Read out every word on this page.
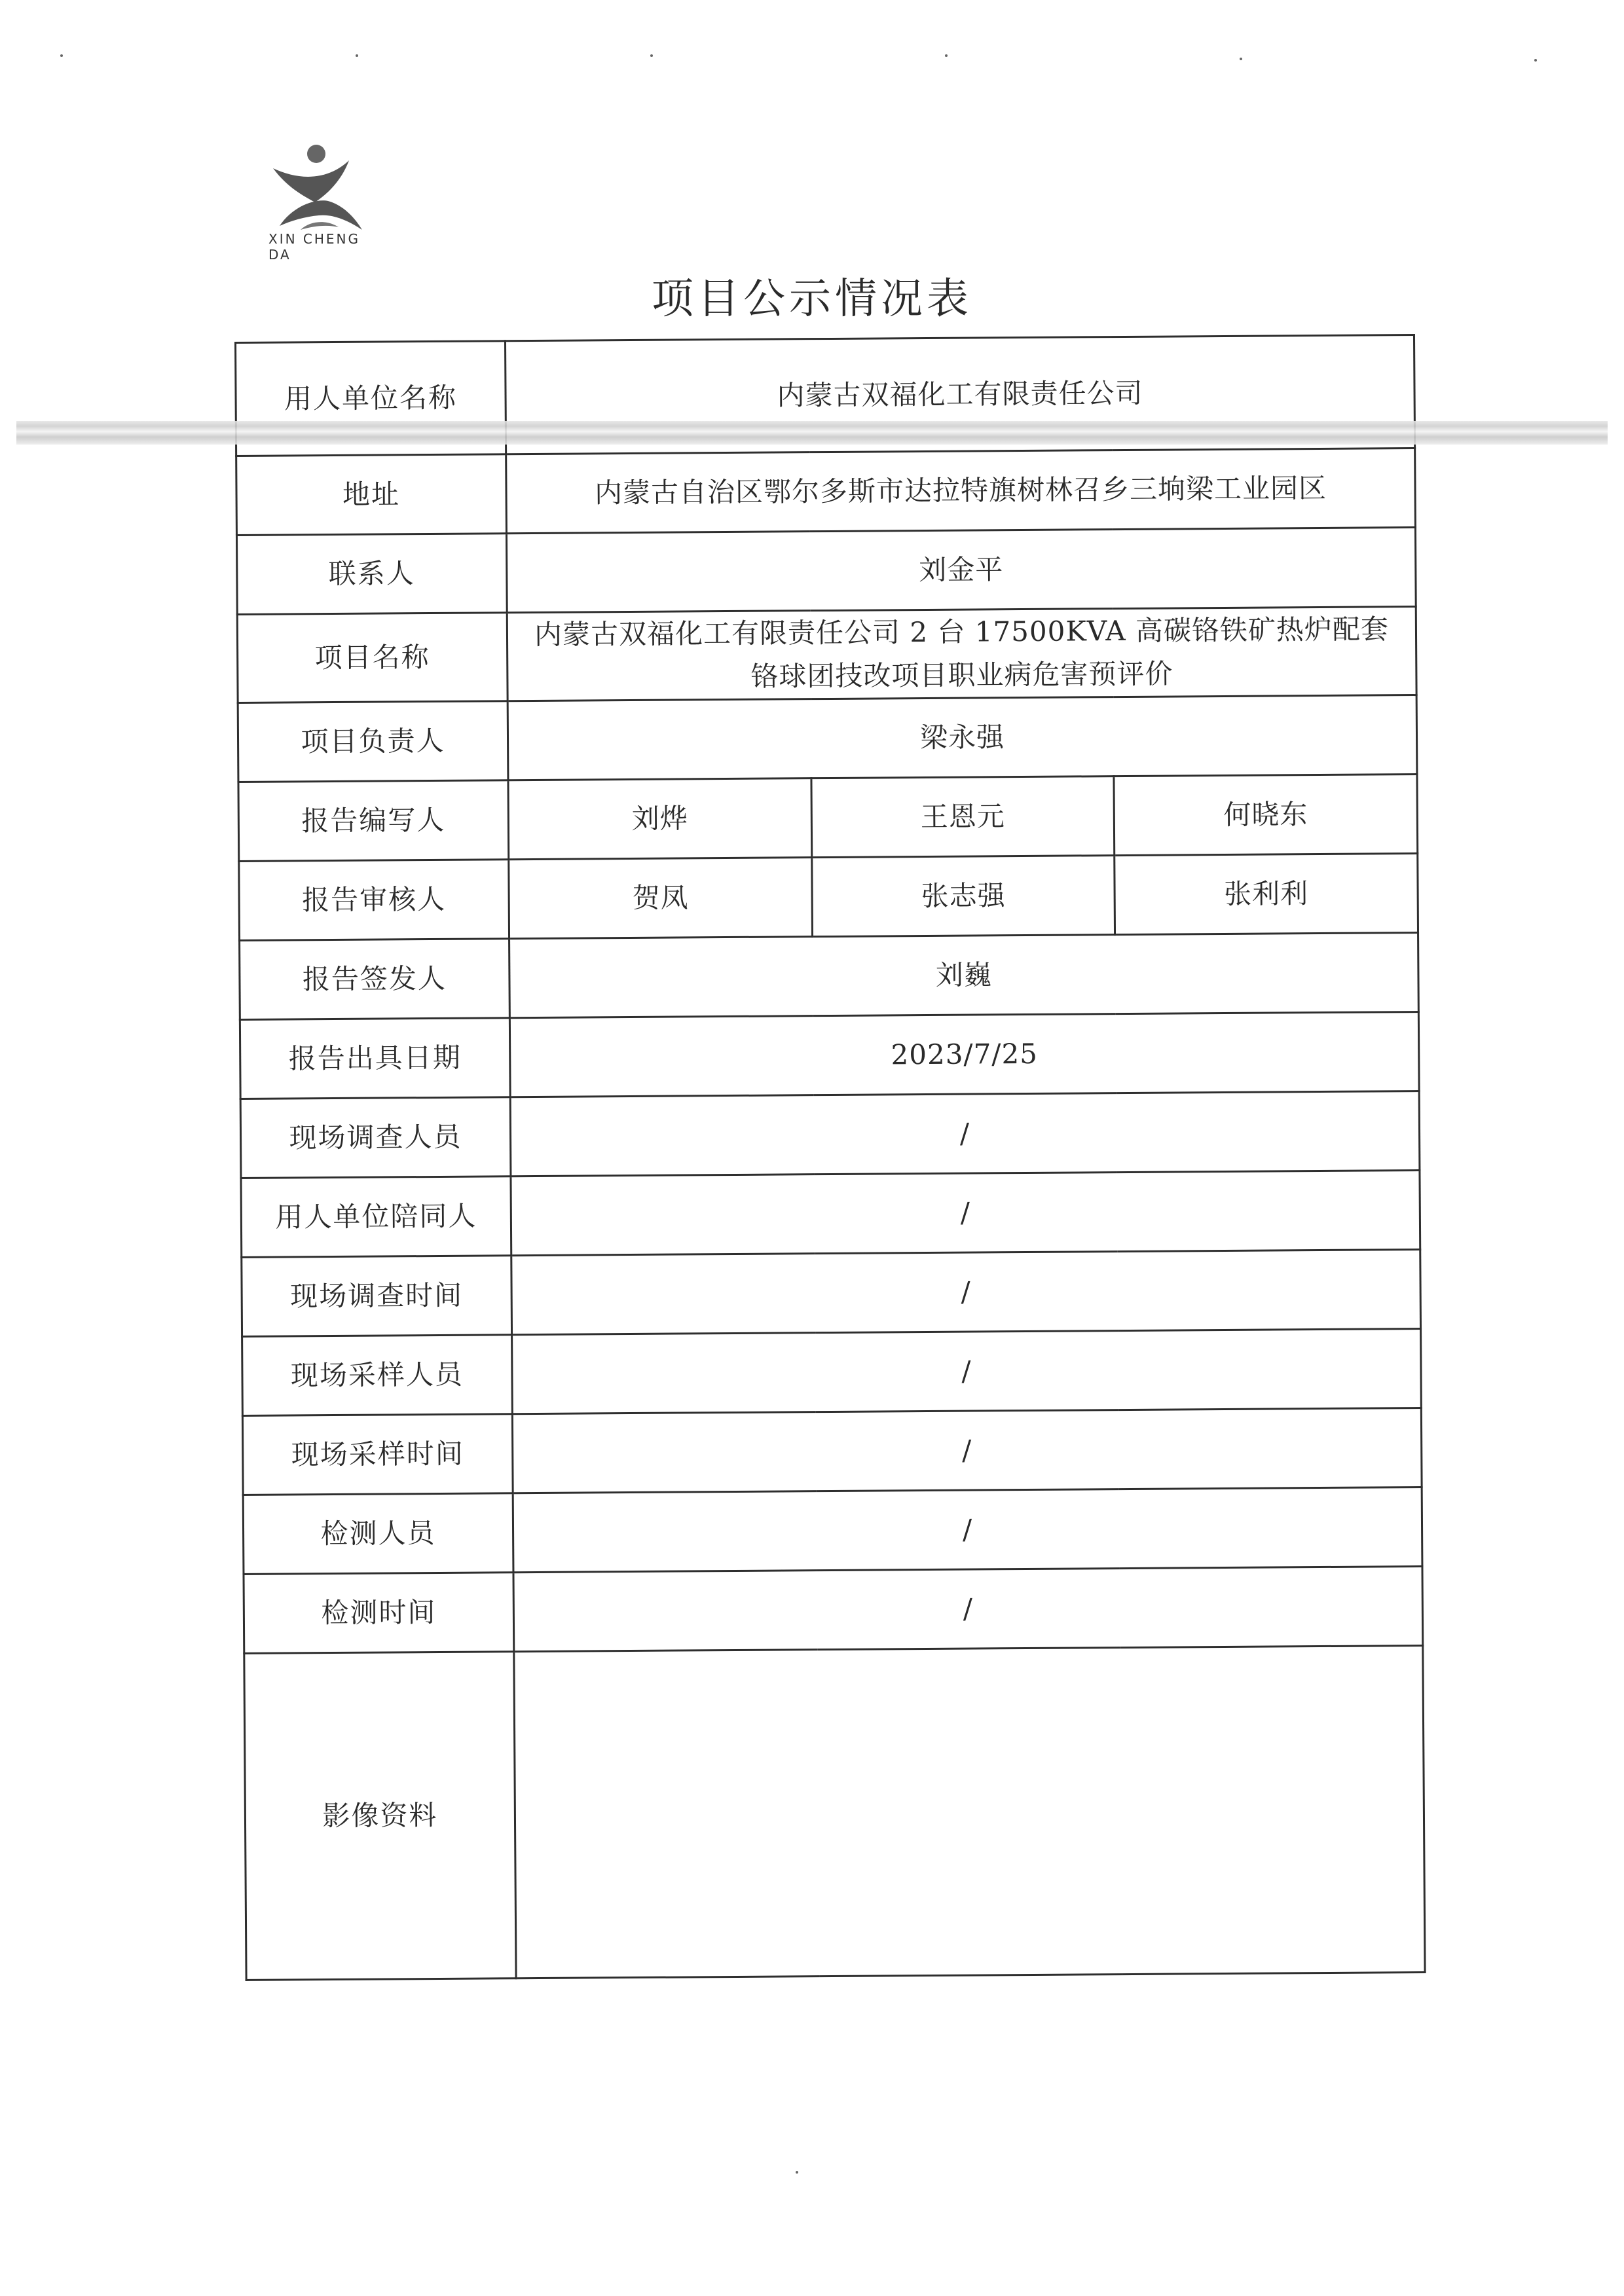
XIN CHENG DA
项目公示情况表
用人单位名称	内蒙古双福化工有限责任公司		
地址	内蒙古自治区鄂尔多斯市达拉特旗树林召乡三垧梁工业园区		
联系人	刘金平		
项目名称	内蒙古双福化工有限责任公司 2 台 17500KVA 高碳铬铁矿热炉配套
铬球团技改项目职业病危害预评价		

项目负责人	梁永强		
报告编写人	刘烨	王恩元	何晓东
报告审核人	贺凤	张志强	张利利
报告签发人	刘巍		
报告出具日期	2023/7/25		
现场调查人员	/		
用人单位陪同人	/		
现场调查时间	/		
现场采样人员	/		
现场采样时间	/		
检测人员	/		
检测时间	/		
影像资料			
